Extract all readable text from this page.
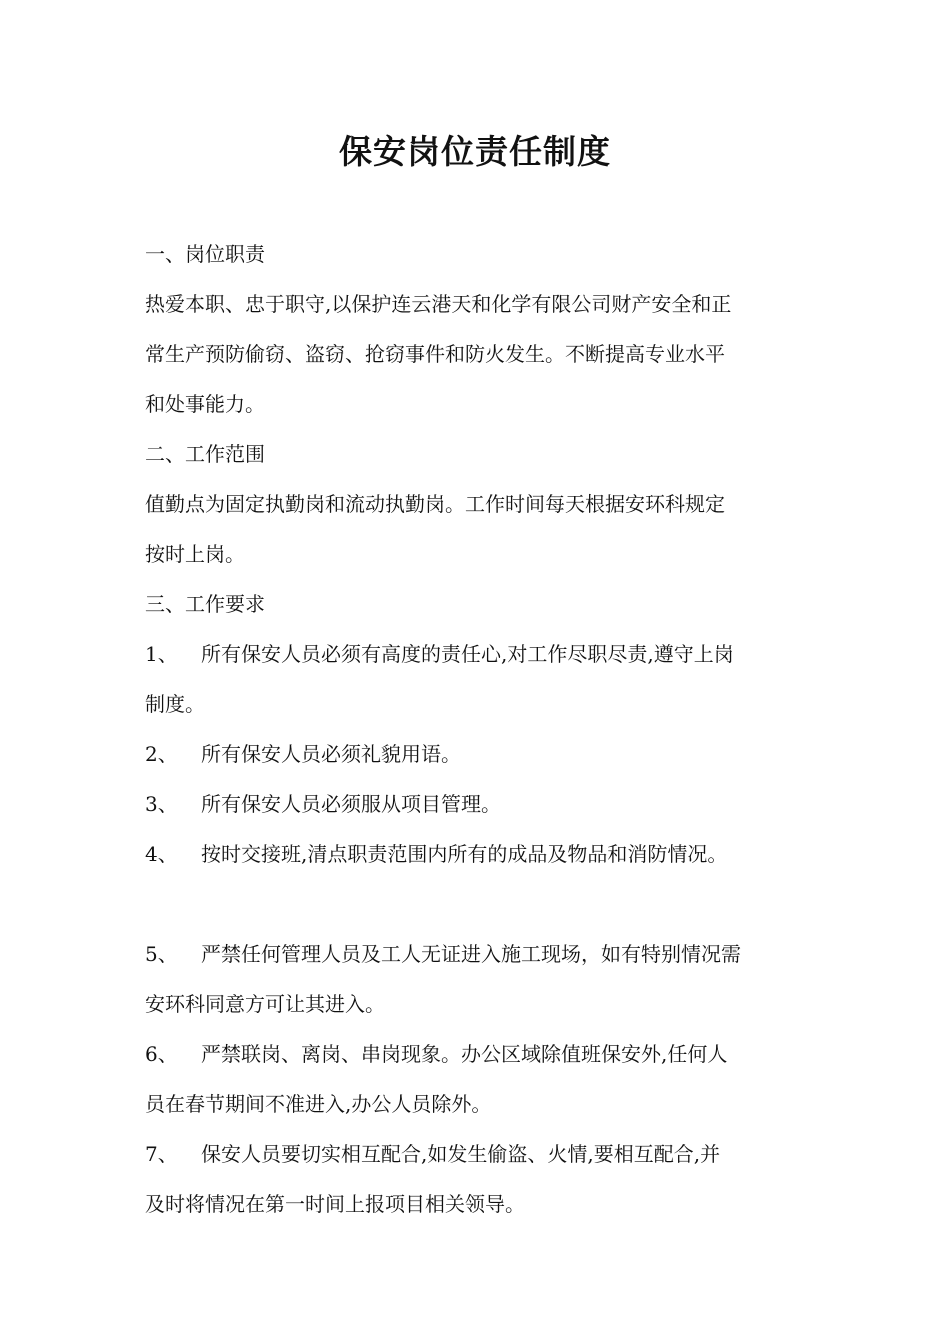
保安岗位责任制度
一、岗位职责
热爱本职、忠于职守,以保护连云港天和化学有限公司财产安全和正
常生产预防偷窃、盗窃、抢窃事件和防火发生。不断提高专业水平
和处事能力。
二、工作范围
值勤点为固定执勤岗和流动执勤岗。工作时间每天根据安环科规定
按时上岗。
三、工作要求
1、 所有保安人员必须有高度的责任心,对工作尽职尽责,遵守上岗
制度。
2、 所有保安人员必须礼貌用语。
3、 所有保安人员必须服从项目管理。
4、 按时交接班,清点职责范围内所有的成品及物品和消防情况。
5、 严禁任何管理人员及工人无证进入施工现场，如有特别情况需
安环科同意方可让其进入。
6、 严禁联岗、离岗、串岗现象。办公区域除值班保安外,任何人
员在春节期间不准进入,办公人员除外。
7、 保安人员要切实相互配合,如发生偷盗、火情,要相互配合,并
及时将情况在第一时间上报项目相关领导。
